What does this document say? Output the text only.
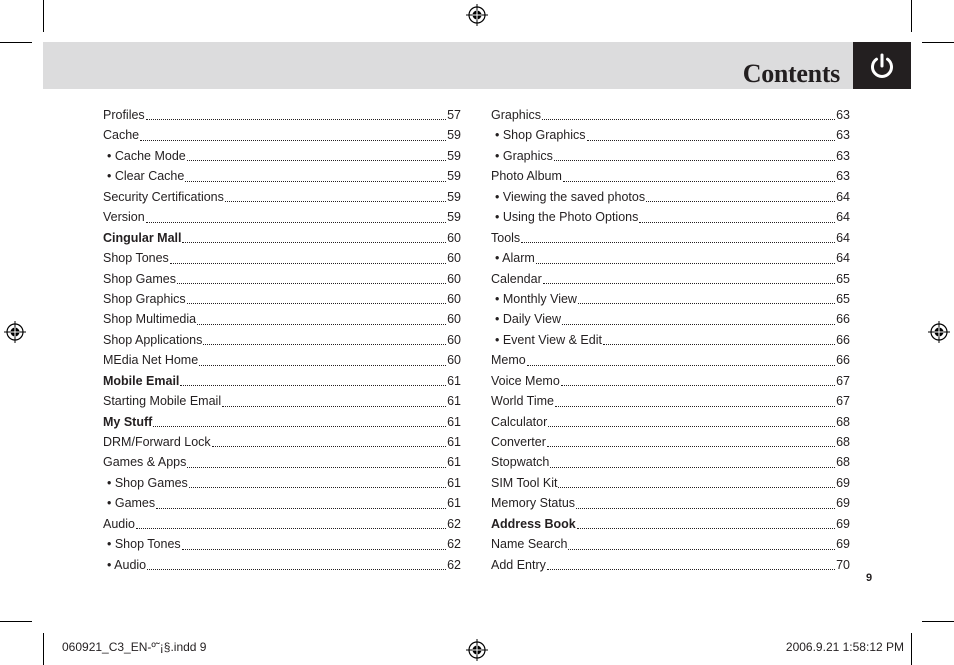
Contents
Profiles	57
Cache	59
• Cache Mode	59
• Clear Cache	59
Security Certifications	59
Version	59
Cingular Mall	60
Shop Tones	60
Shop Games	60
Shop Graphics	60
Shop Multimedia	60
Shop Applications	60
MEdia Net Home	60
Mobile Email	61
Starting Mobile Email	61
My Stuff	61
DRM/Forward Lock	61
Games & Apps	61
• Shop Games	61
• Games	61
Audio	62
• Shop Tones	62
• Audio	62
Graphics	63
• Shop Graphics	63
• Graphics	63
Photo Album	63
• Viewing the saved photos	64
• Using the Photo Options	64
Tools	64
• Alarm	64
Calendar	65
• Monthly View	65
• Daily View	66
• Event View & Edit	66
Memo	66
Voice Memo	67
World Time	67
Calculator	68
Converter	68
Stopwatch	68
SIM Tool Kit	69
Memory Status	69
Address Book	69
Name Search	69
Add Entry	70
9
060921_C3_EN-º˜¡§.indd 9	2006.9.21 1:58:12 PM
